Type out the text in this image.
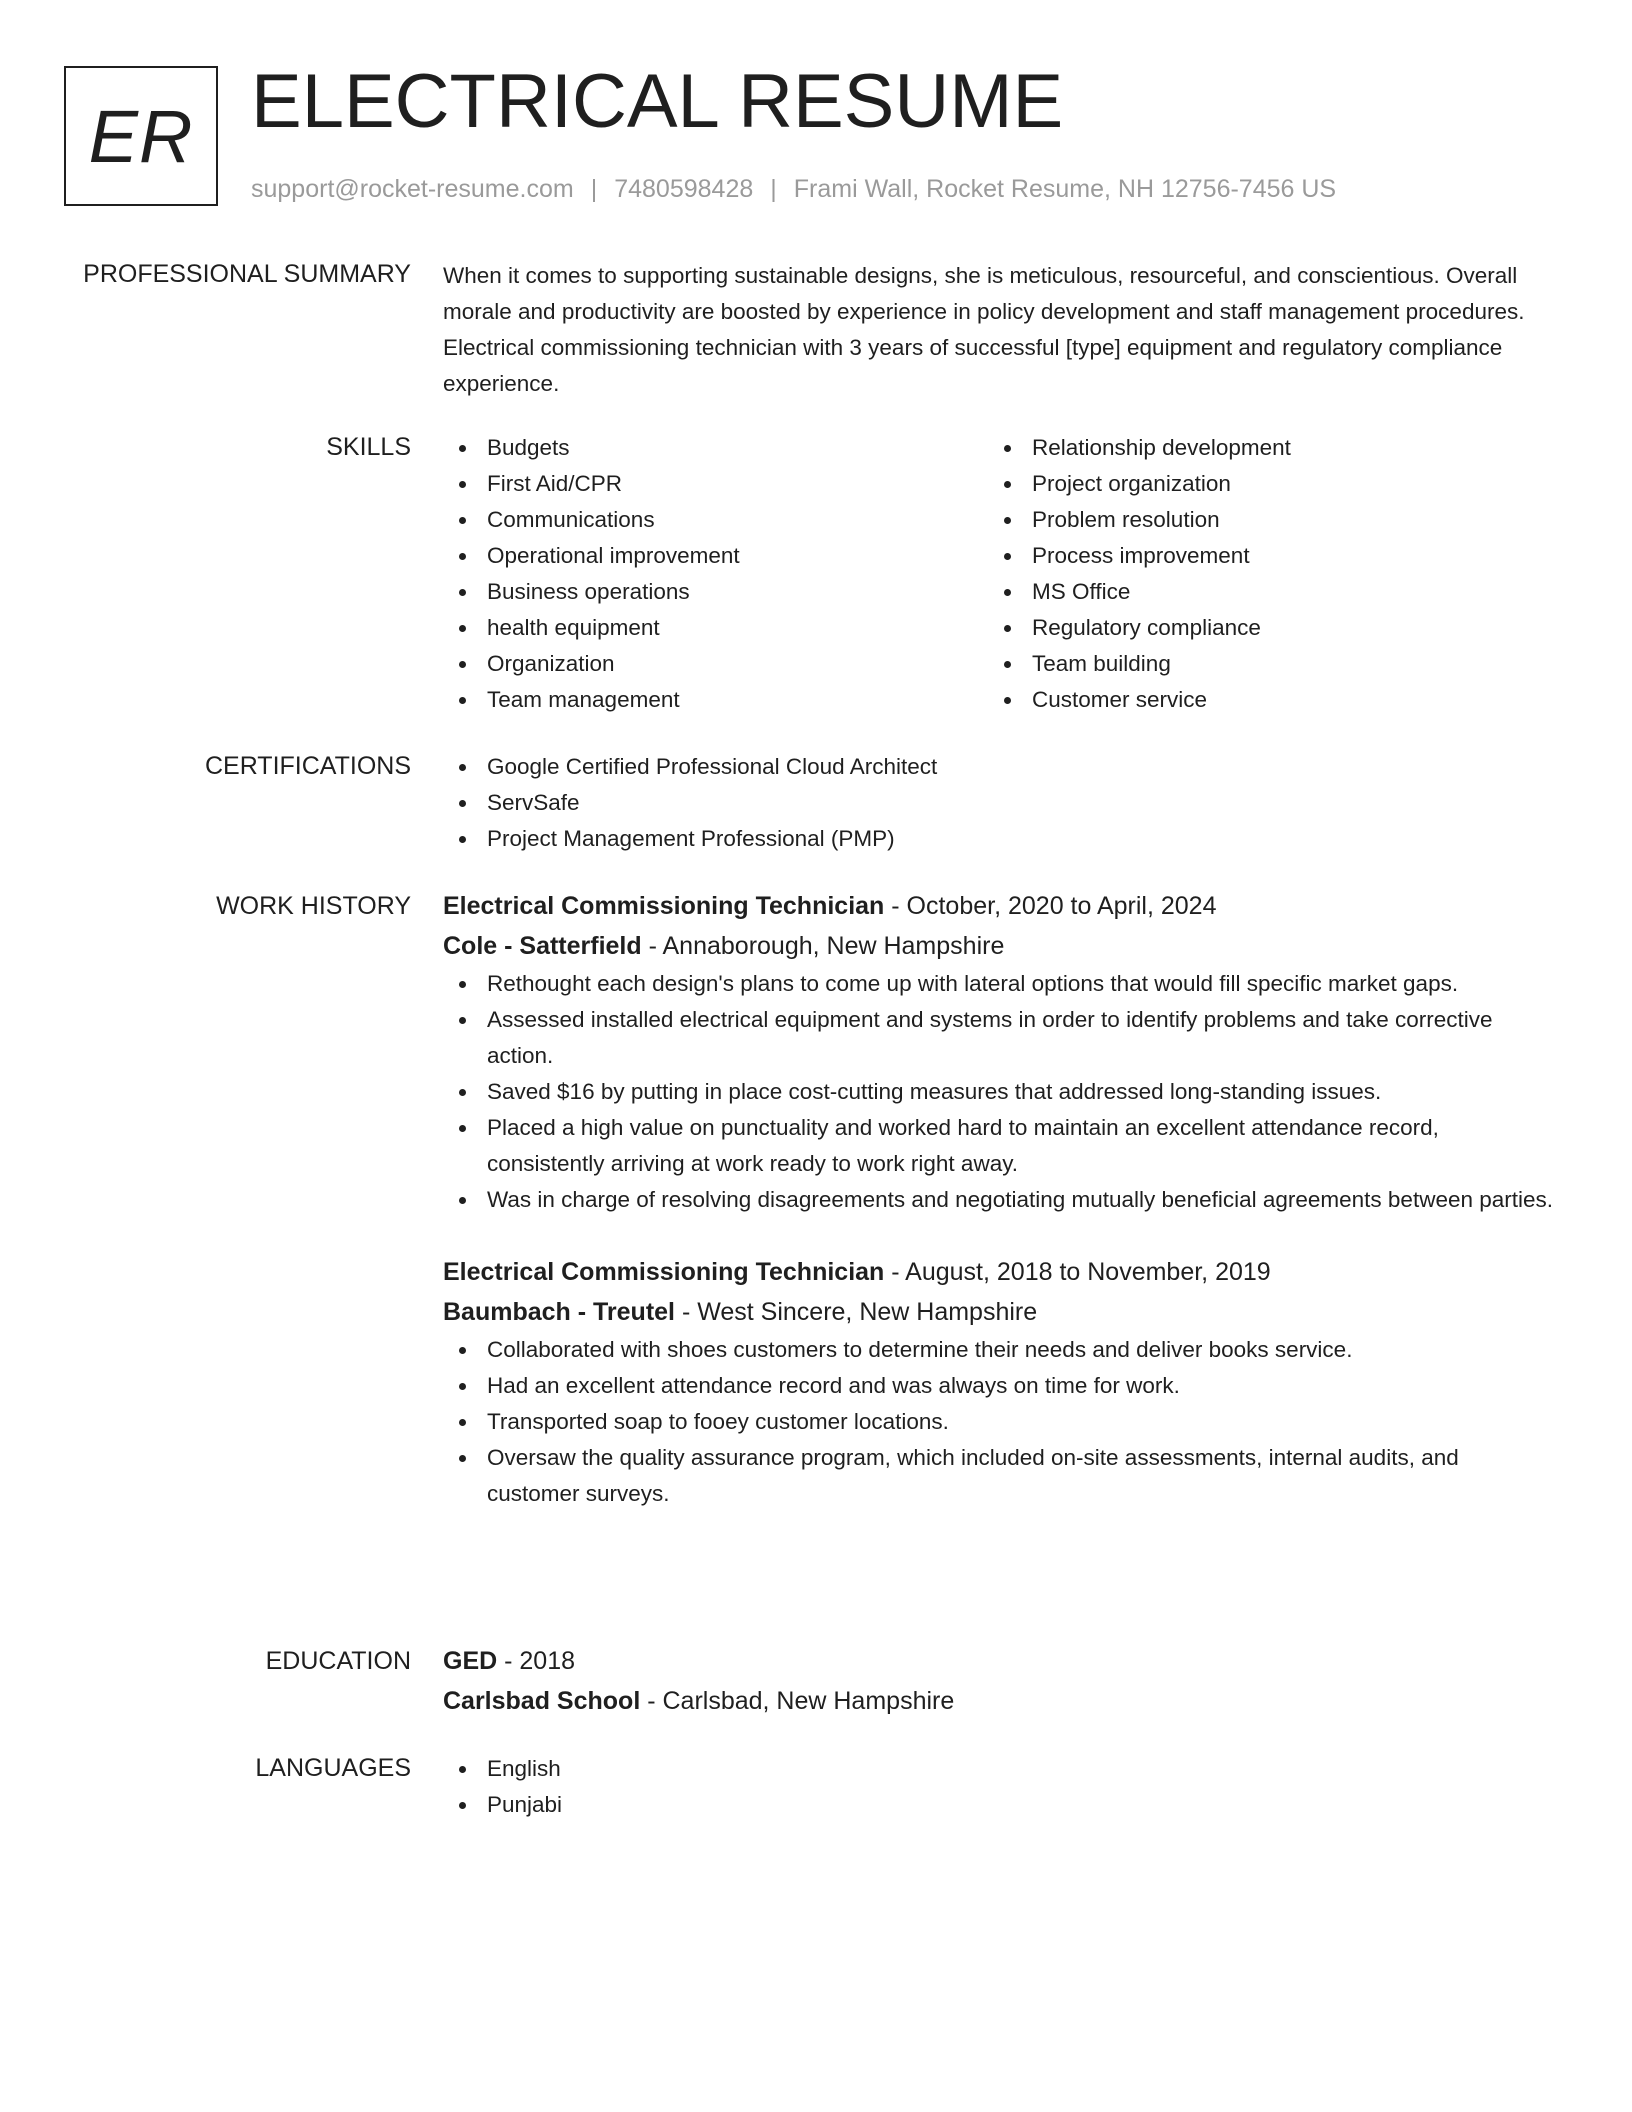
ER ELECTRICAL RESUME
support@rocket-resume.com | 7480598428 | Frami Wall, Rocket Resume, NH 12756-7456 US
PROFESSIONAL SUMMARY When it comes to supporting sustainable designs, she is meticulous, resourceful, and conscientious. Overall morale and productivity are boosted by experience in policy development and staff management procedures. Electrical commissioning technician with 3 years of successful [type] equipment and regulatory compliance experience.

SKILLS	Budgets
First Aid/CPR
Communications
Operational improvement
Business operations
health equipment
Organization
Team management
Relationship development
Project organization
Problem resolution
Process improvement
MS Office
Regulatory compliance
Team building
Customer service
CERTIFICATIONS	Google Certified Professional Cloud Architect
ServSafe
Project Management Professional (PMP)
WORK HISTORY Electrical Commissioning Technician - October, 2020 to April, 2024
Cole - Satterfield - Annaborough, New Hampshire
Rethought each design's plans to come up with lateral options that would fill specific market gaps.
Assessed installed electrical equipment and systems in order to identify problems and take corrective action.
Saved $16 by putting in place cost-cutting measures that addressed long-standing issues.
Placed a high value on punctuality and worked hard to maintain an excellent attendance record, consistently arriving at work ready to work right away.
Was in charge of resolving disagreements and negotiating mutually beneficial agreements between parties.
Electrical Commissioning Technician - August, 2018 to November, 2019
Baumbach - Treutel - West Sincere, New Hampshire
Collaborated with shoes customers to determine their needs and deliver books service.
Had an excellent attendance record and was always on time for work.
Transported soap to fooey customer locations.
Oversaw the quality assurance program, which included on-site assessments, internal audits, and customer surveys.
EDUCATION GED - 2018
Carlsbad School - Carlsbad, New Hampshire
LANGUAGES	English
Punjabi
